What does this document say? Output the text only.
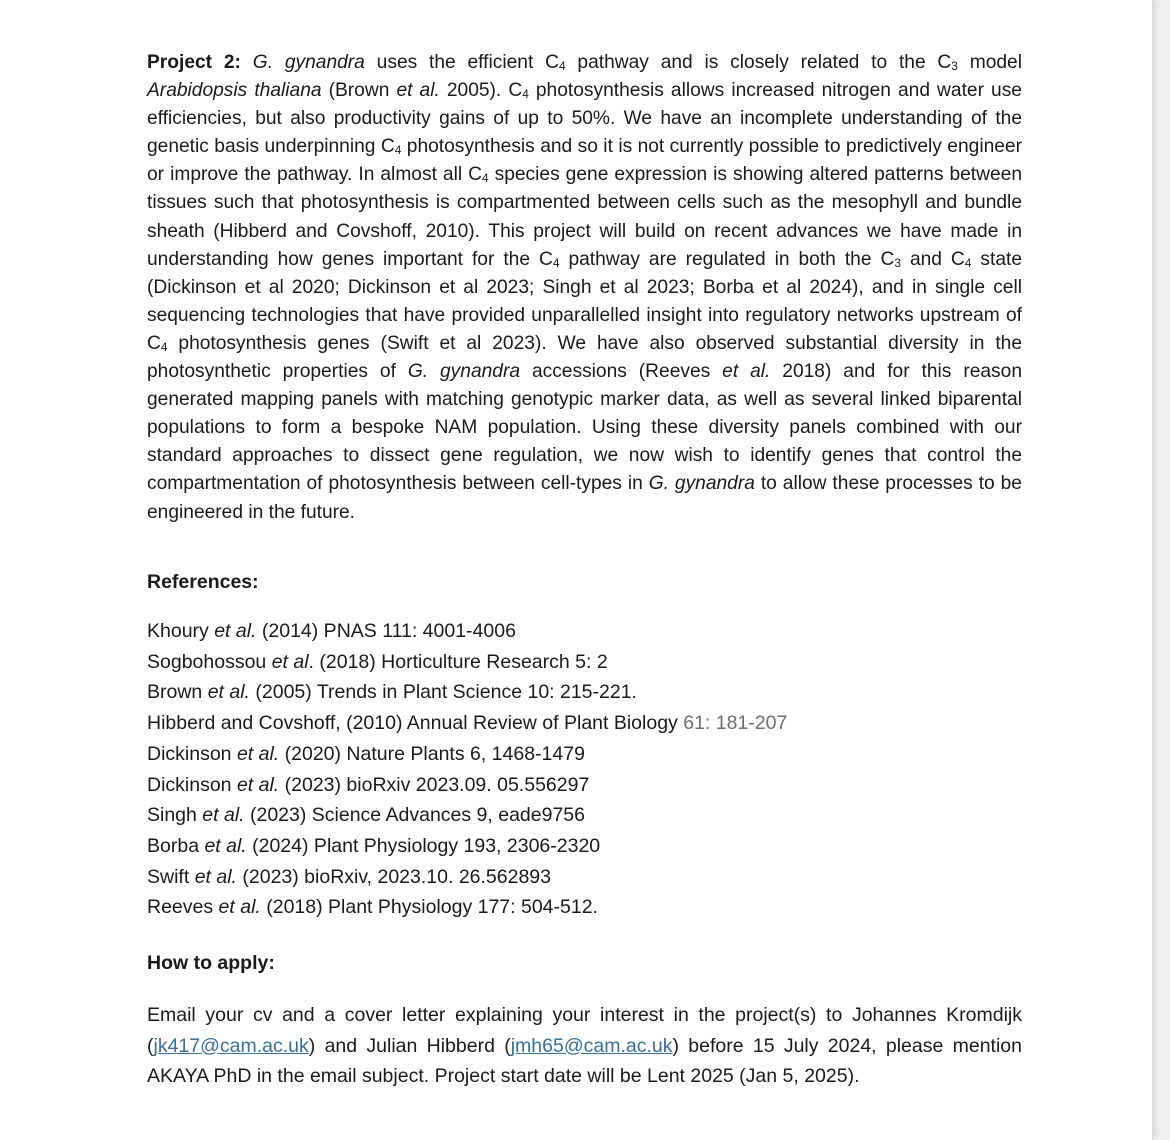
Project 2: G. gynandra uses the efficient $C_4$ pathway and is closely related to the $C_3$ model Arabidopsis thaliana (Brown et al. 2005). $C_4$ photosynthesis allows increased nitrogen and water use efficiencies, but also productivity gains of up to 50%. We have an incomplete understanding of the genetic basis underpinning $C_4$ photosynthesis and so it is not currently possible to predictively engineer or improve the pathway. In almost all $C_4$ species gene expression is showing altered patterns between tissues such that photosynthesis is compartmented between cells such as the mesophyll and bundle sheath (Hibberd and Covshoff, 2010). This project will build on recent advances we have made in understanding how genes important for the $C_4$ pathway are regulated in both the $C_3$ and $C_4$ state (Dickinson et al 2020; Dickinson et al 2023; Singh et al 2023; Borba et al 2024), and in single cell sequencing technologies that have provided unparallelled insight into regulatory networks upstream of $C_4$ photosynthesis genes (Swift et al 2023). We have also observed substantial diversity in the photosynthetic properties of G. gynandra accessions (Reeves et al. 2018) and for this reason generated mapping panels with matching genotypic marker data, as well as several linked biparental populations to form a bespoke NAM population. Using these diversity panels combined with our standard approaches to dissect gene regulation, we now wish to identify genes that control the compartmentation of photosynthesis between cell-types in G. gynandra to allow these processes to be engineered in the future.

References:

Khoury et al. (2014) PNAS 111: 4001-4006
Sogbohossou et al. (2018) Horticulture Research 5: 2
Brown et al. (2005) Trends in Plant Science 10: 215-221.
Hibberd and Covshoff, (2010) Annual Review of Plant Biology 61: 181-207
Dickinson et al. (2020) Nature Plants 6, 1468-1479
Dickinson et al. (2023) bioRxiv 2023.09. 05.556297
Singh et al. (2023) Science Advances 9, eade9756
Borba et al. (2024) Plant Physiology 193, 2306-2320
Swift et al. (2023) bioRxiv, 2023.10. 26.562893
Reeves et al. (2018) Plant Physiology 177: 504-512.

How to apply:

Email your cv and a cover letter explaining your interest in the project(s) to Johannes Kromdijk (jk417@cam.ac.uk) and Julian Hibberd (jmh65@cam.ac.uk) before 15 July 2024, please mention AKAYA PhD in the email subject. Project start date will be Lent 2025 (Jan 5, 2025).
